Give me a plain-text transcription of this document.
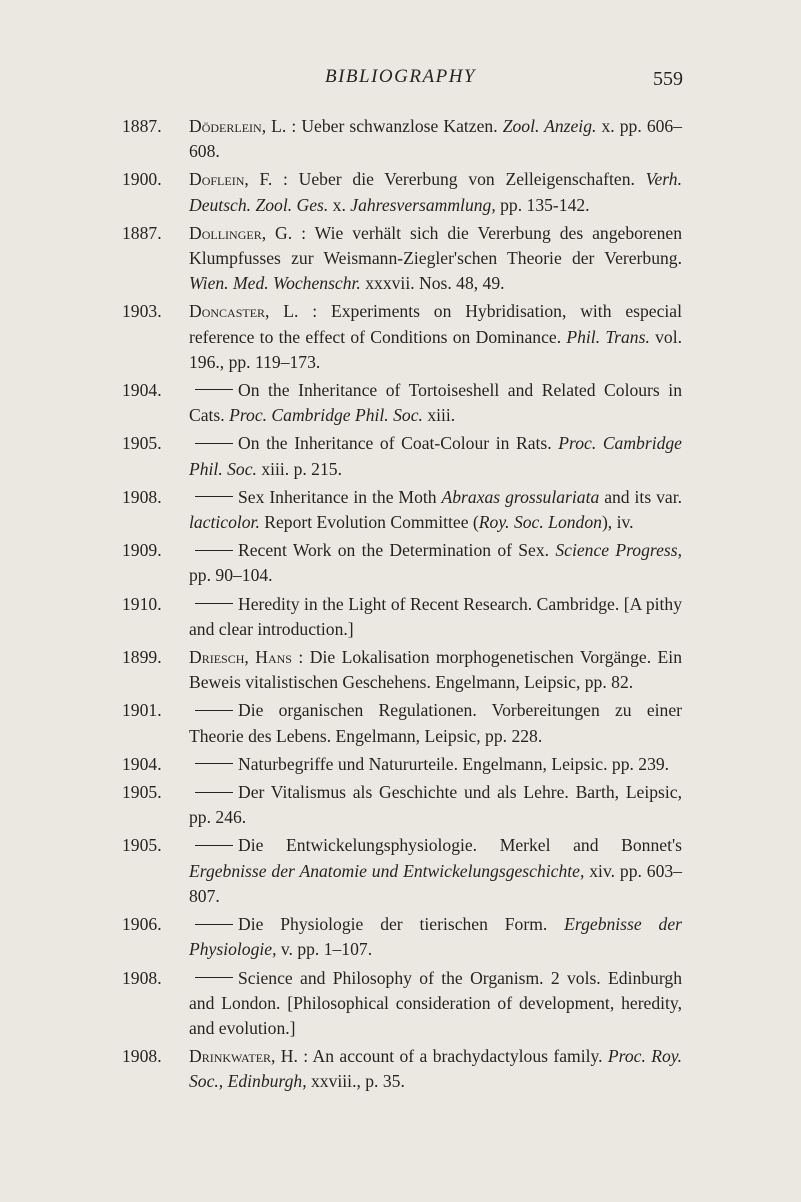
BIBLIOGRAPHY	559
1887. Döderlein, L. : Ueber schwanzlose Katzen. Zool. Anzeig. x. pp. 606–608.
1900. Doflein, F. : Ueber die Vererbung von Zelleigenschaften. Verh. Deutsch. Zool. Ges. x. Jahresversammlung, pp. 135-142.
1887. Dollinger, G. : Wie verhält sich die Vererbung des angeborenen Klumpfusses zur Weismann-Ziegler'schen Theorie der Vererbung. Wien. Med. Wochenschr. xxxvii. Nos. 48, 49.
1903. Doncaster, L. : Experiments on Hybridisation, with especial reference to the effect of Conditions on Dominance. Phil. Trans. vol. 196., pp. 119–173.
1904.	On the Inheritance of Tortoiseshell and Related Colours in Cats. Proc. Cambridge Phil. Soc. xiii.
1905.	On the Inheritance of Coat-Colour in Rats. Proc. Cambridge Phil. Soc. xiii. p. 215.
1908.	Sex Inheritance in the Moth Abraxas grossulariata and its var. lacticolor. Report Evolution Committee (Roy. Soc. London), iv.
1909.	Recent Work on the Determination of Sex. Science Progress, pp. 90–104.
1910.	Heredity in the Light of Recent Research. Cambridge. [A pithy and clear introduction.]
1899. Driesch, Hans : Die Lokalisation morphogenetischen Vorgänge. Ein Beweis vitalistischen Geschehens. Engelmann, Leipsic, pp. 82.
1901.	Die organischen Regulationen. Vorbereitungen zu einer Theorie des Lebens. Engelmann, Leipsic, pp. 228.
1904.	Naturbegriffe und Natururteile. Engelmann, Leipsic. pp. 239.
1905.	Der Vitalismus als Geschichte und als Lehre. Barth, Leipsic, pp. 246.
1905.	Die Entwickelungsphysiologie. Merkel and Bonnet's Ergebnisse der Anatomie und Entwickelungsgeschichte, xiv. pp. 603–807.
1906.	Die Physiologie der tierischen Form. Ergebnisse der Physiologie, v. pp. 1–107.
1908.	Science and Philosophy of the Organism. 2 vols. Edinburgh and London. [Philosophical consideration of development, heredity, and evolution.]
1908. Drinkwater, H. : An account of a brachydactylous family. Proc. Roy. Soc., Edinburgh, xxviii., p. 35.
